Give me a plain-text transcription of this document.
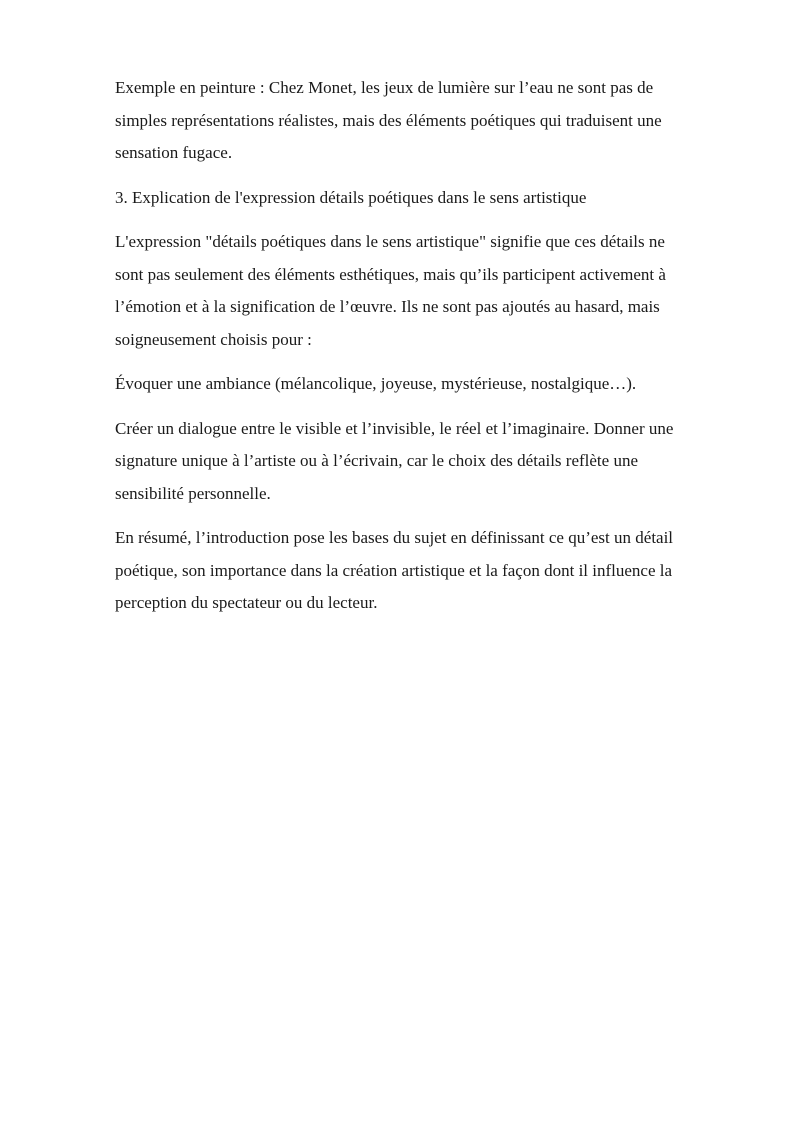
Exemple en peinture : Chez Monet, les jeux de lumière sur l’eau ne sont pas de
simples représentations réalistes, mais des éléments poétiques qui traduisent une
sensation fugace.

3. Explication de l'expression détails poétiques dans le sens artistique

L'expression "détails poétiques dans le sens artistique" signifie que ces détails ne
sont pas seulement des éléments esthétiques, mais qu’ils participent activement à
l’émotion et à la signification de l’œuvre. Ils ne sont pas ajoutés au hasard, mais
soigneusement choisis pour :

Évoquer une ambiance (mélancolique, joyeuse, mystérieuse, nostalgique…).

Créer un dialogue entre le visible et l’invisible, le réel et l’imaginaire. Donner une
signature unique à l’artiste ou à l’écrivain, car le choix des détails reflète une
sensibilité personnelle.

En résumé, l’introduction pose les bases du sujet en définissant ce qu’est un détail
poétique, son importance dans la création artistique et la façon dont il influence la
perception du spectateur ou du lecteur.
